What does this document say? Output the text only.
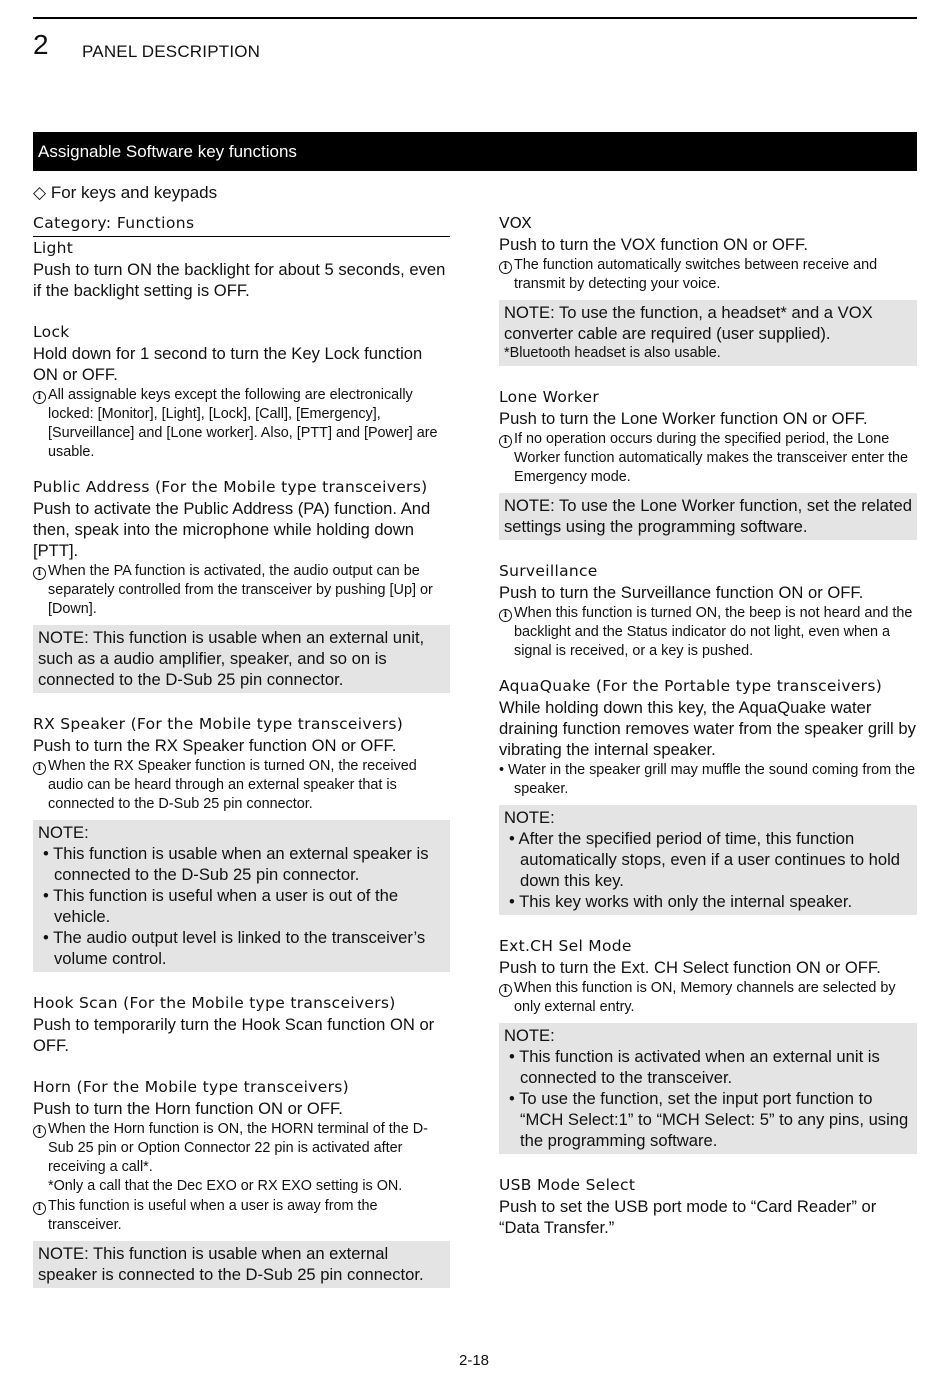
2 PANEL DESCRIPTION
Assignable Software key functions
◇ For keys and keypads
Category: Functions
Light

Push to turn ON the backlight for about 5 seconds, even if the backlight setting is OFF.

Lock

Hold down for 1 second to turn the Key Lock function ON or OFF.

i All assignable keys except the following are electronically locked: [Monitor], [Light], [Lock], [Call], [Emergency], [Surveillance] and [Lone worker]. Also, [PTT] and [Power] are usable.

Public Address (For the Mobile type transceivers)

Push to activate the Public Address (PA) function. And then, speak into the microphone while holding down [PTT].

i When the PA function is activated, the audio output can be separately controlled from the transceiver by pushing [Up] or [Down].

NOTE: This function is usable when an external unit, such as a audio amplifier, speaker, and so on is connected to the D-Sub 25 pin connector.
RX Speaker (For the Mobile type transceivers)

Push to turn the RX Speaker function ON or OFF.

i When the RX Speaker function is turned ON, the received audio can be heard through an external speaker that is connected to the D-Sub 25 pin connector.

NOTE:
• This function is usable when an external speaker is connected to the D-Sub 25 pin connector.
• This function is useful when a user is out of the vehicle.
• The audio output level is linked to the transceiver’s volume control.
Hook Scan (For the Mobile type transceivers)

Push to temporarily turn the Hook Scan function ON or OFF.

Horn (For the Mobile type transceivers)

Push to turn the Horn function ON or OFF.

i When the Horn function is ON, the HORN terminal of the D-Sub 25 pin or Option Connector 22 pin is activated after receiving a call*.
*Only a call that the Dec EXO or RX EXO setting is ON.

i This function is useful when a user is away from the transceiver.

NOTE: This function is usable when an external speaker is connected to the D-Sub 25 pin connector.
VOX

Push to turn the VOX function ON or OFF.

i The function automatically switches between receive and transmit by detecting your voice.

NOTE: To use the function, a headset* and a VOX converter cable are required (user supplied).
*Bluetooth headset is also usable.
Lone Worker

Push to turn the Lone Worker function ON or OFF.

i If no operation occurs during the specified period, the Lone Worker function automatically makes the transceiver enter the Emergency mode.

NOTE: To use the Lone Worker function, set the related settings using the programming software.
Surveillance

Push to turn the Surveillance function ON or OFF.

i When this function is turned ON, the beep is not heard and the backlight and the Status indicator do not light, even when a signal is received, or a key is pushed.

AquaQuake (For the Portable type transceivers)

While holding down this key, the AquaQuake water draining function removes water from the speaker grill by vibrating the internal speaker.

• Water in the speaker grill may muffle the sound coming from the speaker.

NOTE:
• After the specified period of time, this function automatically stops, even if a user continues to hold down this key.
• This key works with only the internal speaker.
Ext.CH Sel Mode

Push to turn the Ext. CH Select function ON or OFF.

i When this function is ON, Memory channels are selected by only external entry.

NOTE:
• This function is activated when an external unit is connected to the transceiver.
• To use the function, set the input port function to “MCH Select:1” to “MCH Select: 5” to any pins, using the programming software.
USB Mode Select

Push to set the USB port mode to “Card Reader” or “Data Transfer.”

2-18
